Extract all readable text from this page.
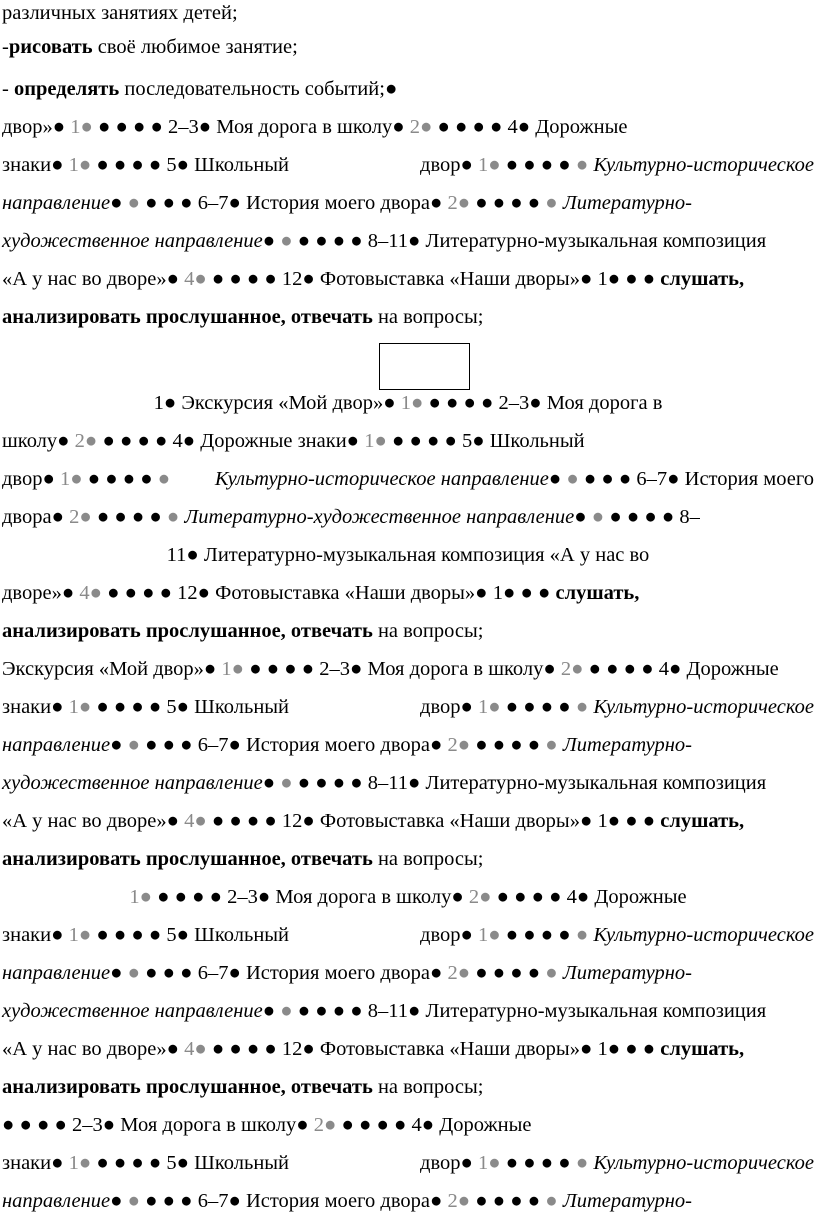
различных занятиях детей;
- рисовать своё любимое занятие;
- определять последовательность событий;●
двор»● 1● ● ● ● ● 2–3● Моя дорога в школу● 2● ● ● ● ● 4● Дорожные
знаки● 1● ● ● ● ● 5● Школьный	двор● 1● ● ● ● ● ● Культурно-историческое
направление ● ● ● ● ● 6–7● История моего двора● 2● ● ● ● ● ● Литературно-
художественное направление ● ● ● ● ● ● 8–11● Литературно-музыкальная композиция
«А у нас во дворе»● 4● ● ● ● ● 12● Фотовыставка «Наши дворы»● 1● ● ● слушать,
анализировать прослушанное, отвечать на вопросы;
1● Экскурсия «Мой двор»● 1● ● ● ● ● 2–3● Моя дорога в
школу● 2● ● ● ● ● 4● Дорожные знаки● 1● ● ● ● ● 5● Школьный
двор● 1● ● ● ● ● ● Культурно-историческое направление● ● ● ● ● 6–7● История моего
двора● 2● ● ● ● ● ● Литературно-художественное направление ● ● ● ● ● ● 8–
11● Литературно-музыкальная композиция «А у нас во
дворе»● 4● ● ● ● ● 12● Фотовыставка «Наши дворы»● 1● ● ● слушать,
анализировать прослушанное, отвечать на вопросы;
Экскурсия «Мой двор»● 1● ● ● ● ● 2–3● Моя дорога в школу● 2● ● ● ● ● 4● Дорожные
знаки● 1● ● ● ● ● 5● Школьный	двор● 1● ● ● ● ● ● Культурно-историческое
направление ● ● ● ● ● 6–7● История моего двора● 2● ● ● ● ● ● Литературно-
художественное направление ● ● ● ● ● ● 8–11● Литературно-музыкальная композиция
«А у нас во дворе»● 4● ● ● ● ● 12● Фотовыставка «Наши дворы»● 1● ● ● слушать,
анализировать прослушанное, отвечать на вопросы;
1● ● ● ● ● 2–3● Моя дорога в школу● 2● ● ● ● ● 4● Дорожные
знаки● 1● ● ● ● ● 5● Школьный	двор● 1● ● ● ● ● ● Культурно-историческое
направление ● ● ● ● ● 6–7● История моего двора● 2● ● ● ● ● ● Литературно-
художественное направление ● ● ● ● ● ● 8–11● Литературно-музыкальная композиция
«А у нас во дворе»● 4● ● ● ● ● 12● Фотовыставка «Наши дворы»● 1● ● ● слушать,
анализировать прослушанное, отвечать на вопросы;
● ● ● ● 2–3● Моя дорога в школу● 2● ● ● ● ● 4● Дорожные
знаки● 1● ● ● ● ● 5● Школьный	двор● 1● ● ● ● ● ● Культурно-историческое
направление ● ● ● ● ● 6–7● История моего двора● 2● ● ● ● ● ● Литературно-
